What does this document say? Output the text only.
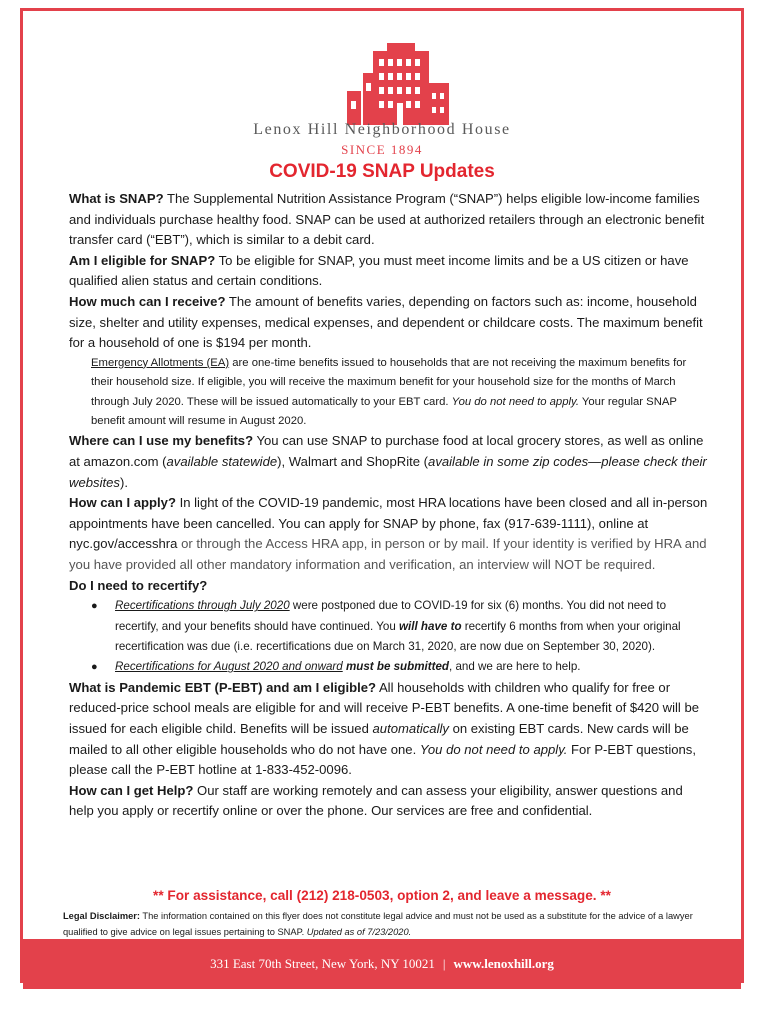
Lenox Hill Neighborhood House
SINCE 1894
COVID-19 SNAP Updates

What is SNAP? The Supplemental Nutrition Assistance Program (“SNAP”) helps eligible low-income families and individuals purchase healthy food. SNAP can be used at authorized retailers through an electronic benefit transfer card (“EBT”), which is similar to a debit card.

Am I eligible for SNAP? To be eligible for SNAP, you must meet income limits and be a US citizen or have qualified alien status and certain conditions.

How much can I receive? The amount of benefits varies, depending on factors such as: income, household size, shelter and utility expenses, medical expenses, and dependent or childcare costs. The maximum benefit for a household of one is $194 per month.

Emergency Allotments (EA) are one-time benefits issued to households that are not receiving the maximum benefits for their household size. If eligible, you will receive the maximum benefit for your household size for the months of March through July 2020. These will be issued automatically to your EBT card. You do not need to apply. Your regular SNAP benefit amount will resume in August 2020.

Where can I use my benefits? You can use SNAP to purchase food at local grocery stores, as well as online at amazon.com (available statewide), Walmart and ShopRite (available in some zip codes—please check their websites).

How can I apply? In light of the COVID-19 pandemic, most HRA locations have been closed and all in-person appointments have been cancelled. You can apply for SNAP by phone, fax (917-639-1111), online at nyc.gov/accesshra or through the Access HRA app, in person or by mail. If your identity is verified by HRA and you have provided all other mandatory information and verification, an interview will NOT be required.

Do I need to recertify?

● Recertifications through July 2020 were postponed due to COVID-19 for six (6) months. You did not need to recertify, and your benefits should have continued. You will have to recertify 6 months from when your original recertification was due (i.e. recertifications due on March 31, 2020, are now due on September 30, 2020).
● Recertifications for August 2020 and onward must be submitted, and we are here to help.

What is Pandemic EBT (P-EBT) and am I eligible? All households with children who qualify for free or reduced-price school meals are eligible for and will receive P-EBT benefits. A one-time benefit of $420 will be issued for each eligible child. Benefits will be issued automatically on existing EBT cards. New cards will be mailed to all other eligible households who do not have one. You do not need to apply. For P-EBT questions, please call the P-EBT hotline at 1-833-452-0096.

How can I get Help? Our staff are working remotely and can assess your eligibility, answer questions and help you apply or recertify online or over the phone. Our services are free and confidential.

** For assistance, call (212) 218-0503, option 2, and leave a message. **
Legal Disclaimer: The information contained on this flyer does not constitute legal advice and must not be used as a substitute for the advice of a lawyer qualified to give advice on legal issues pertaining to SNAP. Updated as of 7/23/2020.
331 East 70th Street, New York, NY 10021 | www.lenoxhill.org
